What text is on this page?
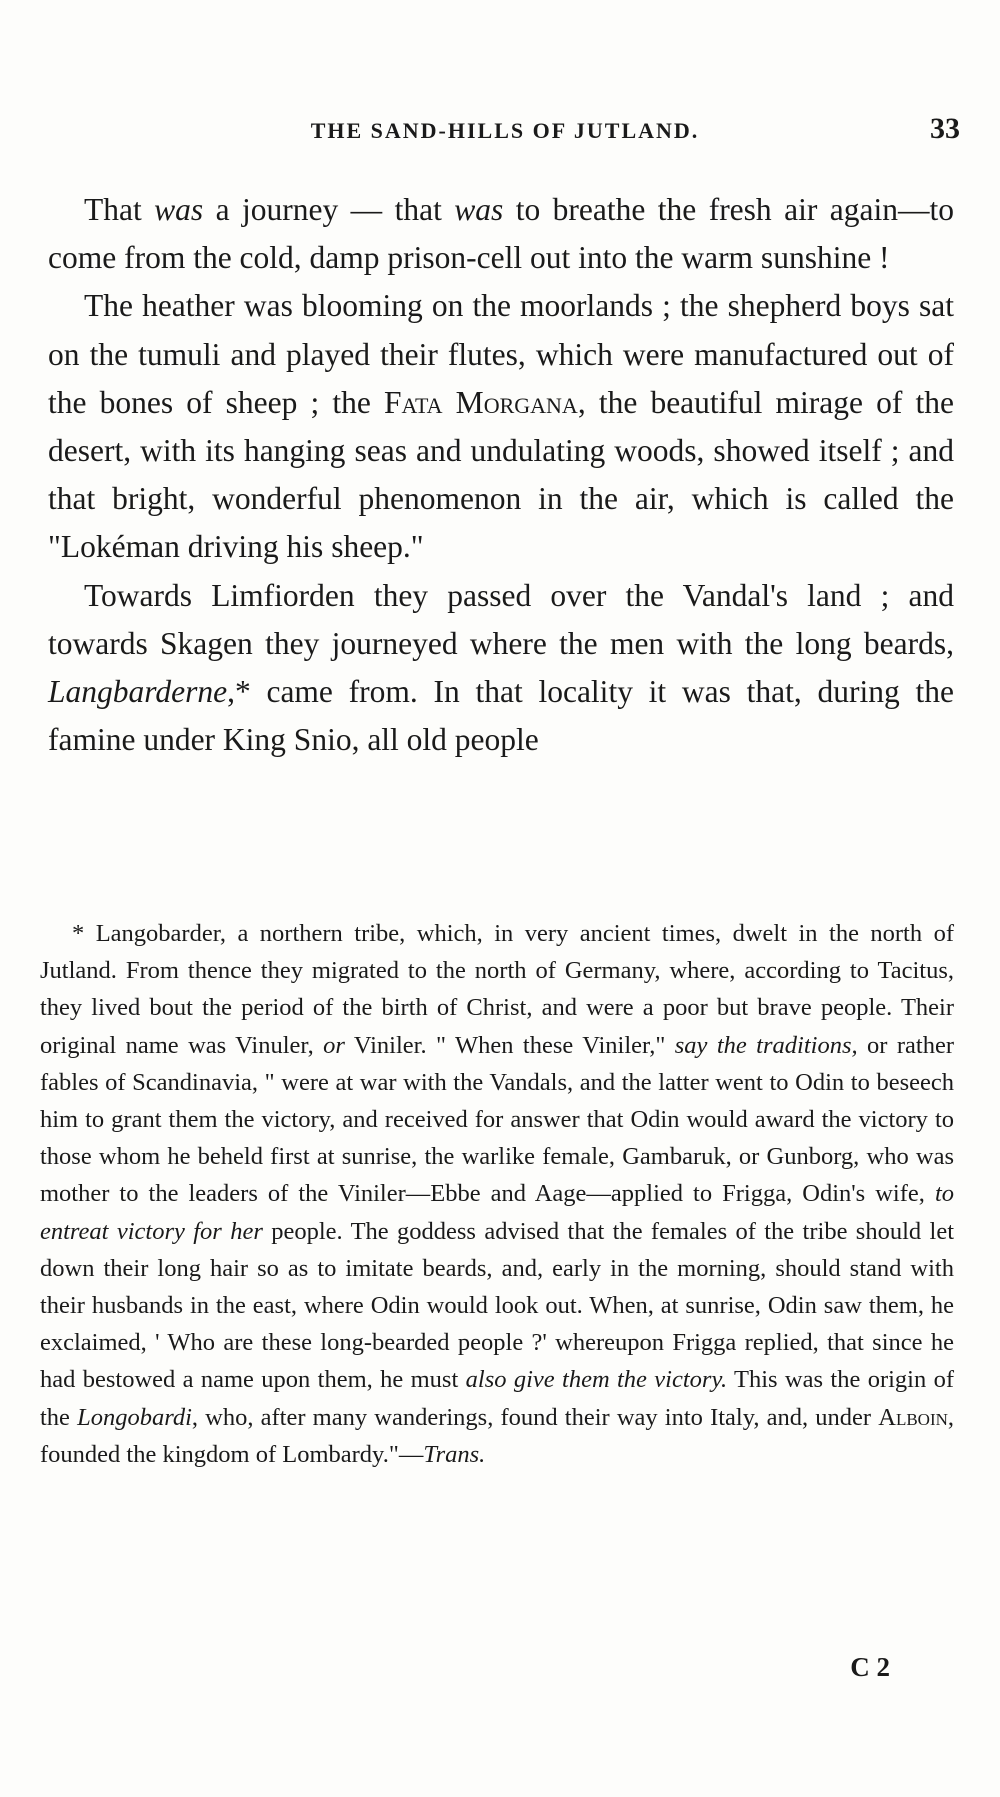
THE SAND-HILLS OF JUTLAND.	33

That was a journey — that was to breathe the fresh air again—to come from the cold, damp prison-cell out into the warm sunshine !

The heather was blooming on the moorlands ; the shepherd boys sat on the tumuli and played their flutes, which were manufactured out of the bones of sheep ; the Fata Morgana, the beautiful mirage of the desert, with its hanging seas and undulating woods, showed itself ; and that bright, wonderful phenomenon in the air, which is called the "Lokéman driving his sheep."

Towards Limfiorden they passed over the Vandal's land ; and towards Skagen they journeyed where the men with the long beards, Langbarderne,* came from. In that locality it was that, during the famine under King Snio, all old people

* Langobarder, a northern tribe, which, in very ancient times, dwelt in the north of Jutland. From thence they migrated to the north of Germany, where, according to Tacitus, they lived bout the period of the birth of Christ, and were a poor but brave people. Their original name was Vinuler, or Viniler. " When these Viniler," say the traditions, or rather fables of Scandinavia, " were at war with the Vandals, and the latter went to Odin to beseech him to grant them the victory, and received for answer that Odin would award the victory to those whom he beheld first at sunrise, the warlike female, Gambaruk, or Gunborg, who was mother to the leaders of the Viniler—Ebbe and Aage—applied to Frigga, Odin's wife, to entreat victory for her people. The goddess advised that the females of the tribe should let down their long hair so as to imitate beards, and, early in the morning, should stand with their husbands in the east, where Odin would look out. When, at sunrise, Odin saw them, he exclaimed, ' Who are these long-bearded people ?' whereupon Frigga replied, that since he had bestowed a name upon them, he must also give them the victory. This was the origin of the Longobardi, who, after many wanderings, found their way into Italy, and, under Alboin, founded the kingdom of Lombardy."—Trans.

C 2
